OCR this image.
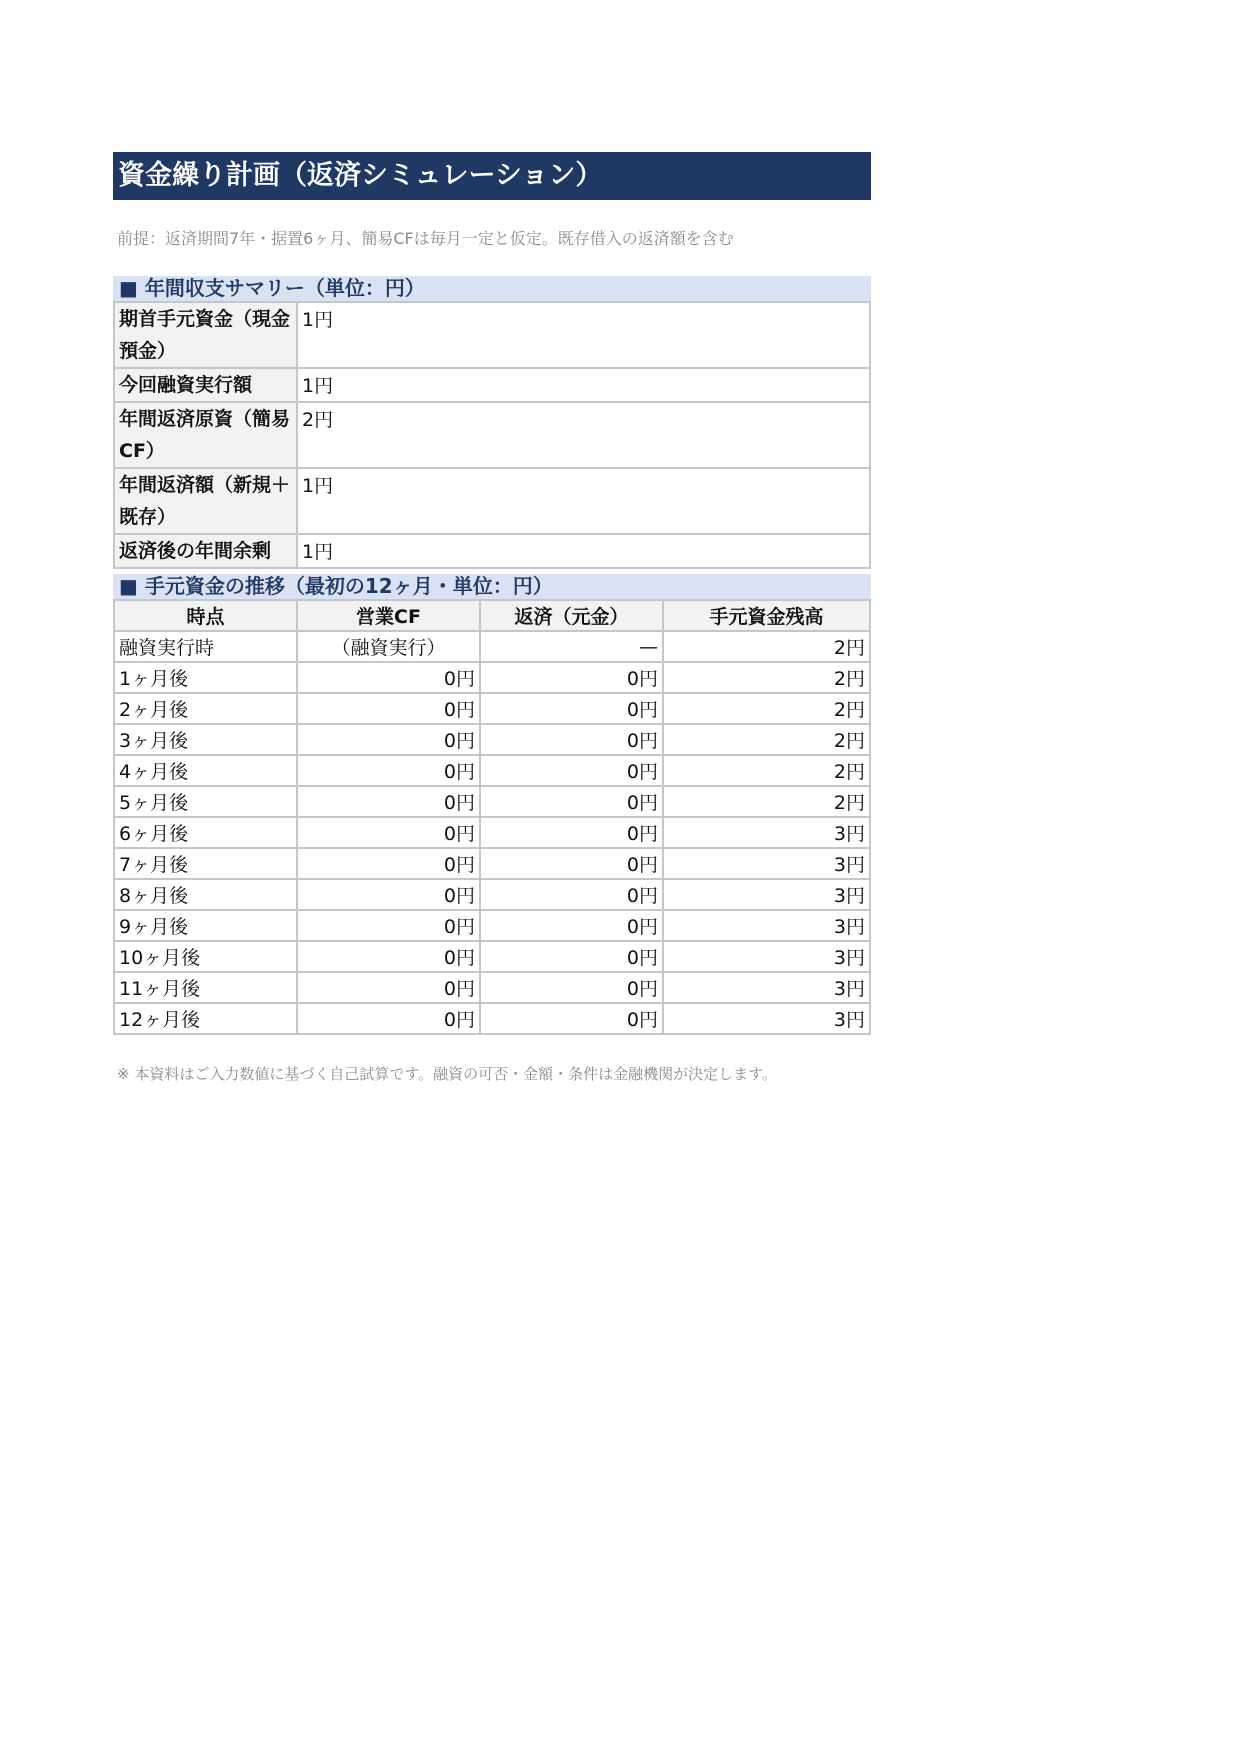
資金繰り計画（返済シミュレーション）
前提：返済期間7年・据置6ヶ月、簡易CFは毎月一定と仮定。既存借入の返済額を含む
■ 年間収支サマリー（単位：円）
期首手元資金（現金預金）	1円
今回融資実行額	1円
年間返済原資（簡易CF）	2円
年間返済額（新規＋既存）	1円
返済後の年間余剰	1円
■ 手元資金の推移（最初の12ヶ月・単位：円）
時点	営業CF	返済（元金）	手元資金残高
融資実行時	（融資実行）	—	2円
1ヶ月後	0円	0円	2円
2ヶ月後	0円	0円	2円
3ヶ月後	0円	0円	2円
4ヶ月後	0円	0円	2円
5ヶ月後	0円	0円	2円
6ヶ月後	0円	0円	3円
7ヶ月後	0円	0円	3円
8ヶ月後	0円	0円	3円
9ヶ月後	0円	0円	3円
10ヶ月後	0円	0円	3円
11ヶ月後	0円	0円	3円
12ヶ月後	0円	0円	3円
※ 本資料はご入力数値に基づく自己試算です。融資の可否・金額・条件は金融機関が決定します。
